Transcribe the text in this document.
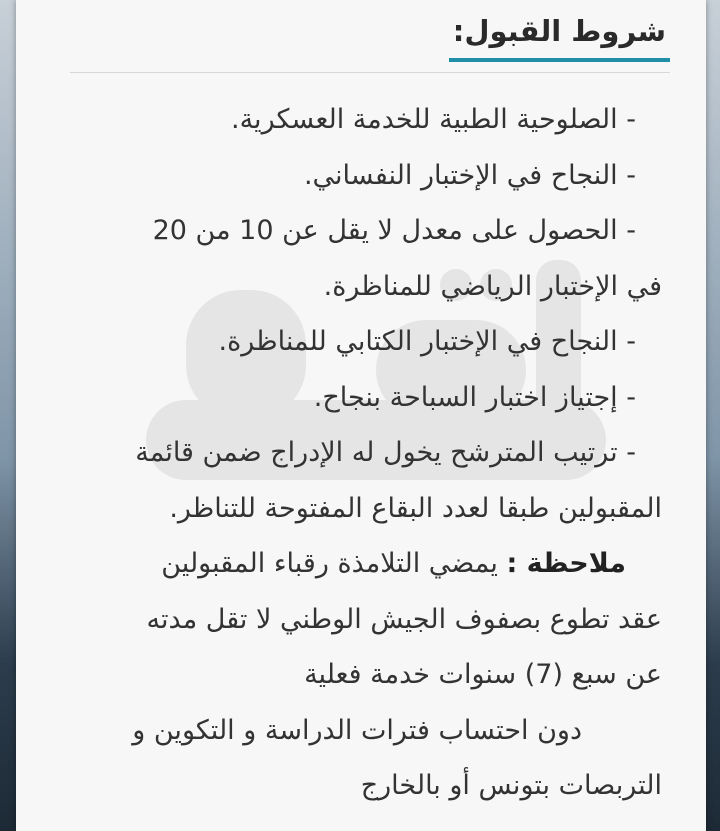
شروط القبول:
- الصلوحية الطبية للخدمة العسكرية.
- النجاح في الإختبار النفساني.
- الحصول على معدل لا يقل عن 10 من 20
في الإختبار الرياضي للمناظرة.
- النجاح في الإختبار الكتابي للمناظرة.
- إجتياز اختبار السباحة بنجاح.
- ترتيب المترشح يخول له الإدراج ضمن قائمة
المقبولين طبقا لعدد البقاع المفتوحة للتناظر.
ملاحظة : يمضي التلامذة رقباء المقبولين
عقد تطوع بصفوف الجيش الوطني لا تقل مدته
عن سبع (7) سنوات خدمة فعلية
دون احتساب فترات الدراسة و التكوين و
التربصات بتونس أو بالخارج
